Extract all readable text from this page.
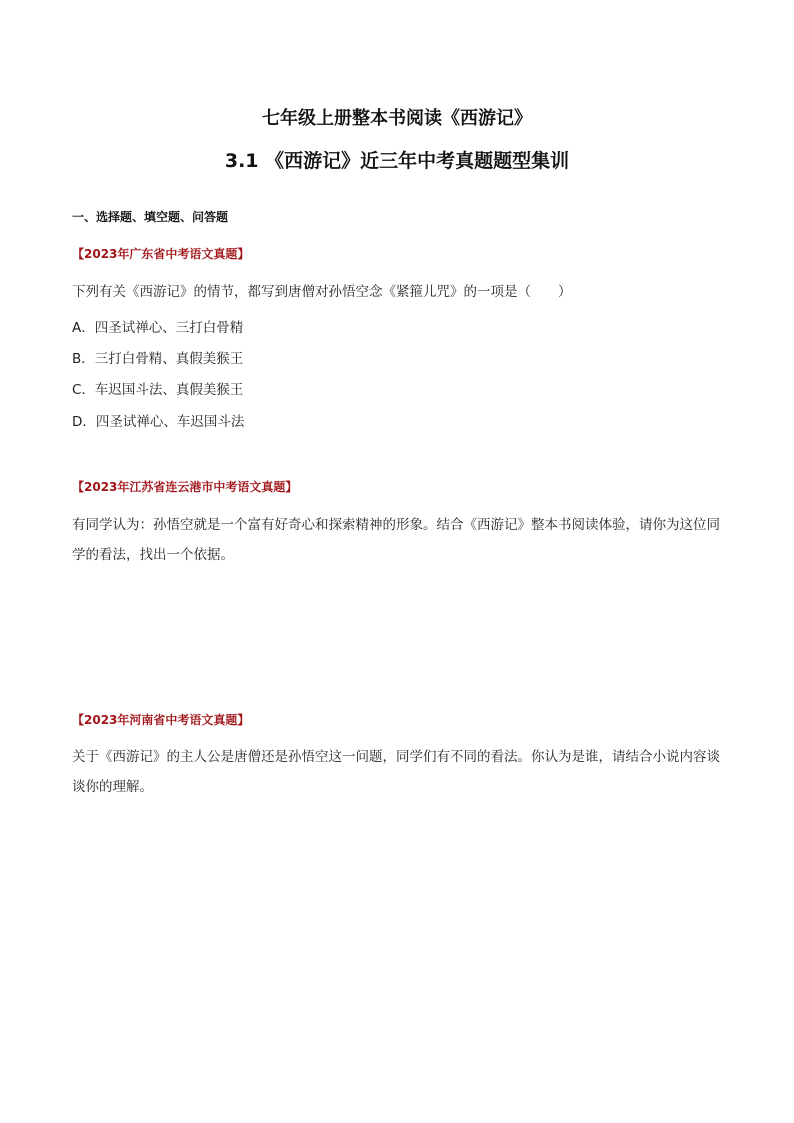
七年级上册整本书阅读《西游记》
3.1 《西游记》近三年中考真题题型集训
一、选择题、填空题、问答题
【2023年广东省中考语文真题】
下列有关《西游记》的情节，都写到唐僧对孙悟空念《紧箍儿咒》的一项是（　　）
A．四圣试禅心、三打白骨精
B．三打白骨精、真假美猴王
C．车迟国斗法、真假美猴王
D．四圣试禅心、车迟国斗法
【2023年江苏省连云港市中考语文真题】
有同学认为：孙悟空就是一个富有好奇心和探索精神的形象。结合《西游记》整本书阅读体验，请你为这位同学的看法，找出一个依据。
【2023年河南省中考语文真题】
关于《西游记》的主人公是唐僧还是孙悟空这一问题，同学们有不同的看法。你认为是谁，请结合小说内容谈谈你的理解。
